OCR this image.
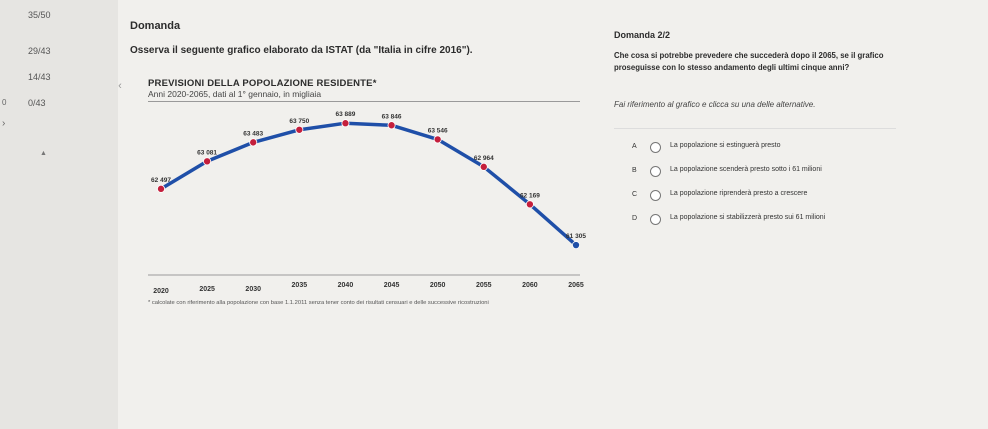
35/50
29/43
14/43
0 0/43
›
▲
‹
Domanda
Osserva il seguente grafico elaborato da ISTAT (da "Italia in cifre 2016").
PREVISIONI DELLA POPOLAZIONE RESIDENTE*
Anni 2020-2065, dati al 1° gennaio, in migliaia
62 497
63 081
63 483
63 750
63 889	63 846
63 546
62 964
62 169
61 305
2020	2025	2030
2035	2040	2045	2050	2055	2060	2065
* calcolate con riferimento alla popolazione con base 1.1.2011 senza tener conto dei risultati censuari e delle successive ricostruzioni
Domanda 2/2
Che cosa si potrebbe prevedere che succederà dopo il 2065, se il grafico proseguisse con lo stesso andamento degli ultimi cinque anni?
Fai riferimento al grafico e clicca su una delle alternative.
A	La popolazione si estinguerà presto
B	La popolazione scenderà presto sotto i 61 milioni
C	La popolazione riprenderà presto a crescere
D	La popolazione si stabilizzerà presto sui 61 milioni
